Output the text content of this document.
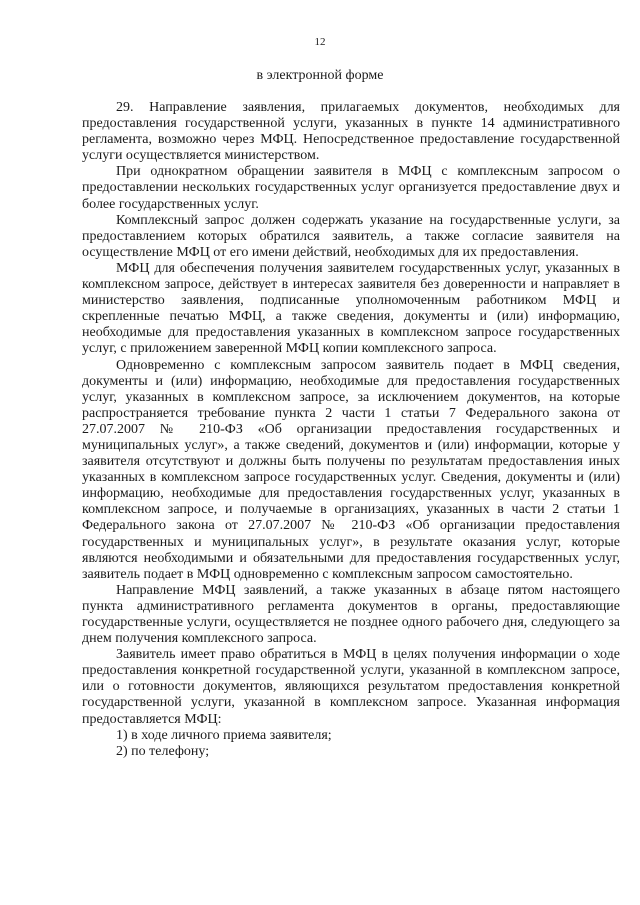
12
в электронной форме

29. Направление заявления, прилагаемых документов, необходимых для предоставления государственной услуги, указанных в пункте 14 административного регламента, возможно через МФЦ. Непосредственное предоставление государственной услуги осуществляется министерством.

При однократном обращении заявителя в МФЦ с комплексным запросом о предоставлении нескольких государственных услуг организуется предоставление двух и более государственных услуг.

Комплексный запрос должен содержать указание на государственные услуги, за предоставлением которых обратился заявитель, а также согласие заявителя на осуществление МФЦ от его имени действий, необходимых для их предоставления.

МФЦ для обеспечения получения заявителем государственных услуг, указанных в комплексном запросе, действует в интересах заявителя без доверенности и направляет в министерство заявления, подписанные уполномоченным работником МФЦ и скрепленные печатью МФЦ, а также сведения, документы и (или) информацию, необходимые для предоставления указанных в комплексном запросе государственных услуг, с приложением заверенной МФЦ копии комплексного запроса.

Одновременно с комплексным запросом заявитель подает в МФЦ сведения, документы и (или) информацию, необходимые для предоставления государственных услуг, указанных в комплексном запросе, за исключением документов, на которые распространяется требование пункта 2 части 1 статьи 7 Федерального закона от 27.07.2007 № 210-ФЗ «Об организации предоставления государственных и муниципальных услуг», а также сведений, документов и (или) информации, которые у заявителя отсутствуют и должны быть получены по результатам предоставления иных указанных в комплексном запросе государственных услуг. Сведения, документы и (или) информацию, необходимые для предоставления государственных услуг, указанных в комплексном запросе, и получаемые в организациях, указанных в части 2 статьи 1 Федерального закона от 27.07.2007 № 210-ФЗ «Об организации предоставления государственных и муниципальных услуг», в результате оказания услуг, которые являются необходимыми и обязательными для предоставления государственных услуг, заявитель подает в МФЦ одновременно с комплексным запросом самостоятельно.

Направление МФЦ заявлений, а также указанных в абзаце пятом настоящего пункта административного регламента документов в органы, предоставляющие государственные услуги, осуществляется не позднее одного рабочего дня, следующего за днем получения комплексного запроса.

Заявитель имеет право обратиться в МФЦ в целях получения информации о ходе предоставления конкретной государственной услуги, указанной в комплексном запросе, или о готовности документов, являющихся результатом предоставления конкретной государственной услуги, указанной в комплексном запросе. Указанная информация предоставляется МФЦ:

1) в ходе личного приема заявителя;

2) по телефону;
